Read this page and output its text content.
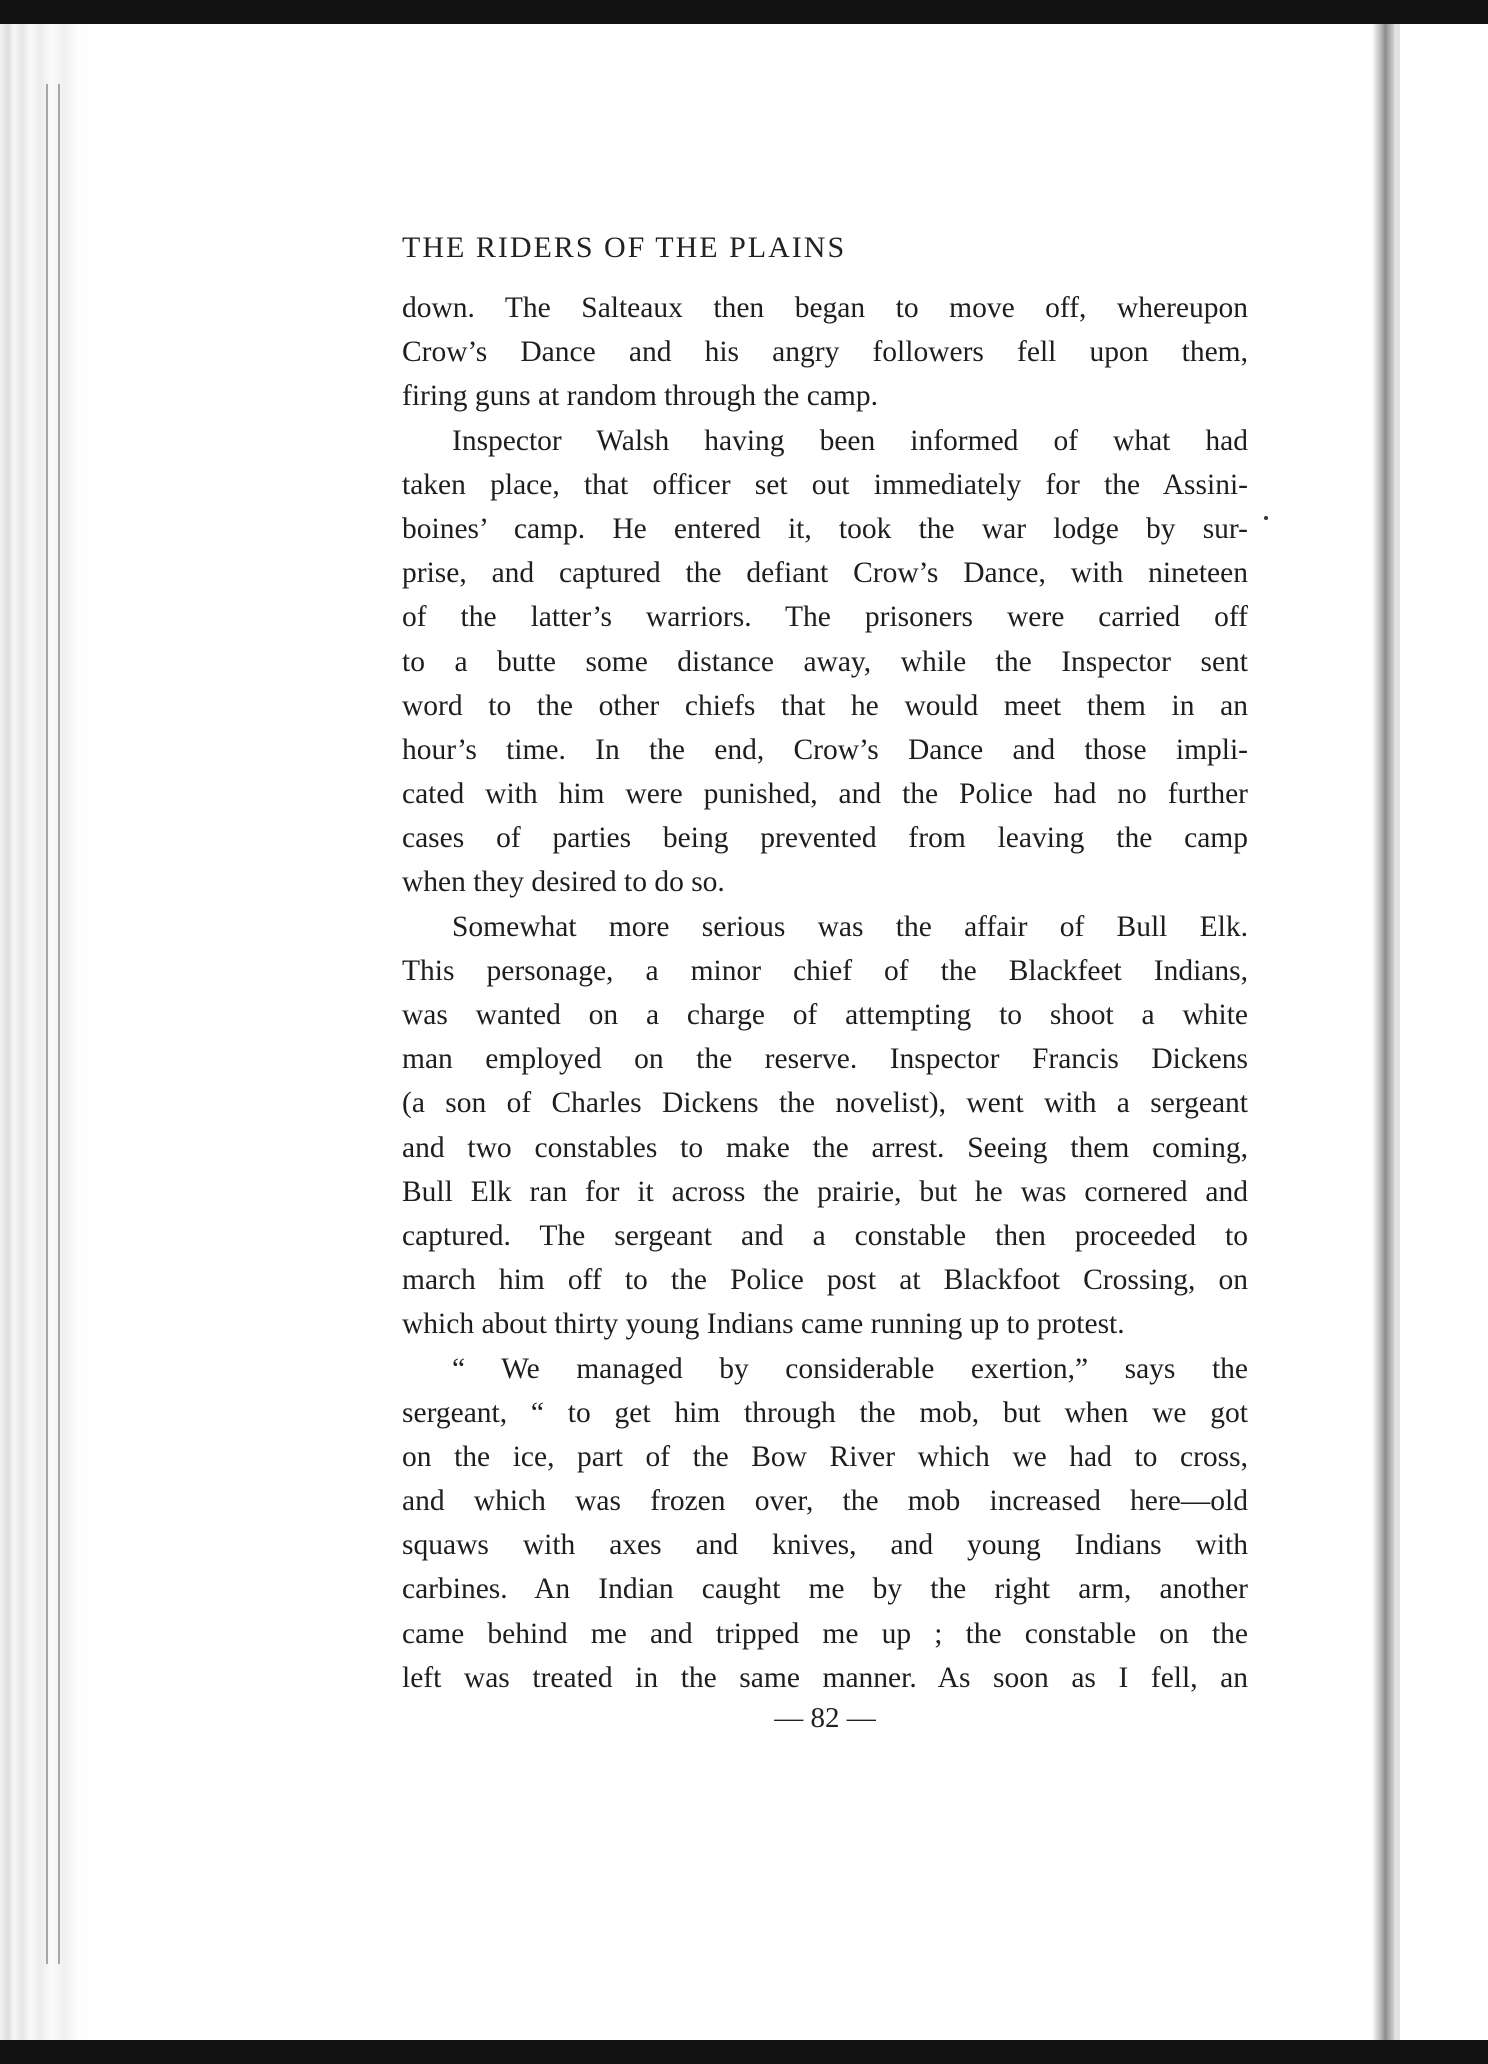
THE RIDERS OF THE PLAINS
down. The Salteaux then began to move off, whereupon
Crow’s Dance and his angry followers fell upon them,
firing guns at random through the camp.
Inspector Walsh having been informed of what had
taken place, that officer set out immediately for the Assini-
boines’ camp. He entered it, took the war lodge by sur-
prise, and captured the defiant Crow’s Dance, with nineteen
of the latter’s warriors. The prisoners were carried off
to a butte some distance away, while the Inspector sent
word to the other chiefs that he would meet them in an
hour’s time. In the end, Crow’s Dance and those impli-
cated with him were punished, and the Police had no further
cases of parties being prevented from leaving the camp
when they desired to do so.
Somewhat more serious was the affair of Bull Elk.
This personage, a minor chief of the Blackfeet Indians,
was wanted on a charge of attempting to shoot a white
man employed on the reserve. Inspector Francis Dickens
(a son of Charles Dickens the novelist), went with a sergeant
and two constables to make the arrest. Seeing them coming,
Bull Elk ran for it across the prairie, but he was cornered and
captured. The sergeant and a constable then proceeded to
march him off to the Police post at Blackfoot Crossing, on
which about thirty young Indians came running up to protest.
“ We managed by considerable exertion,” says the
sergeant, “ to get him through the mob, but when we got
on the ice, part of the Bow River which we had to cross,
and which was frozen over, the mob increased here—old
squaws with axes and knives, and young Indians with
carbines. An Indian caught me by the right arm, another
came behind me and tripped me up ; the constable on the
left was treated in the same manner. As soon as I fell, an
— 82 —
